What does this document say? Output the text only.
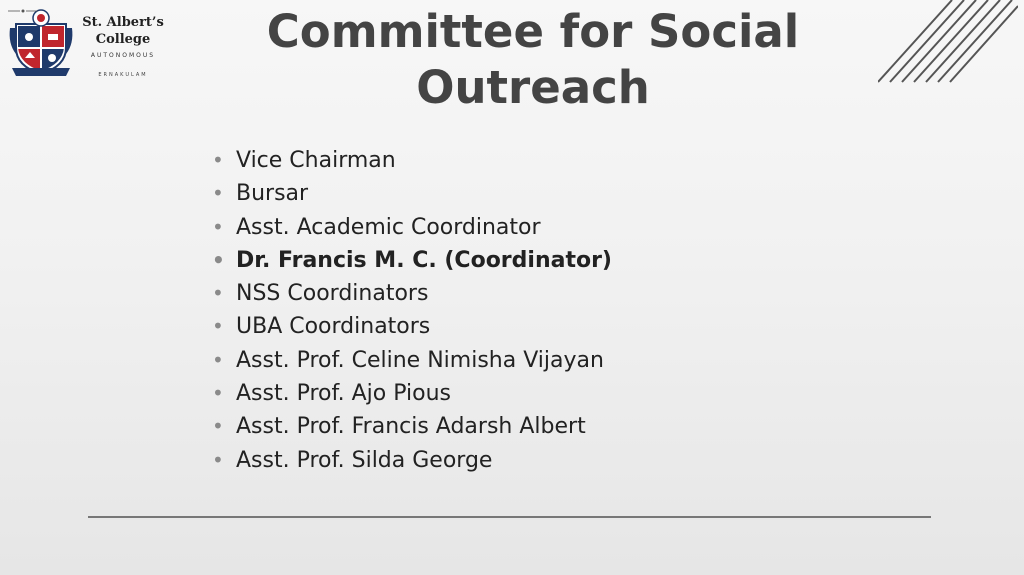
St. Albert’s
College
AUTONOMOUS
ERNAKULAM
Committee for Social Outreach
• Vice Chairman
• Bursar
• Asst. Academic Coordinator
• Dr. Francis M. C. (Coordinator)
• NSS Coordinators
• UBA Coordinators
• Asst. Prof. Celine Nimisha Vijayan
• Asst. Prof. Ajo Pious
• Asst. Prof. Francis Adarsh Albert
• Asst. Prof. Silda George
